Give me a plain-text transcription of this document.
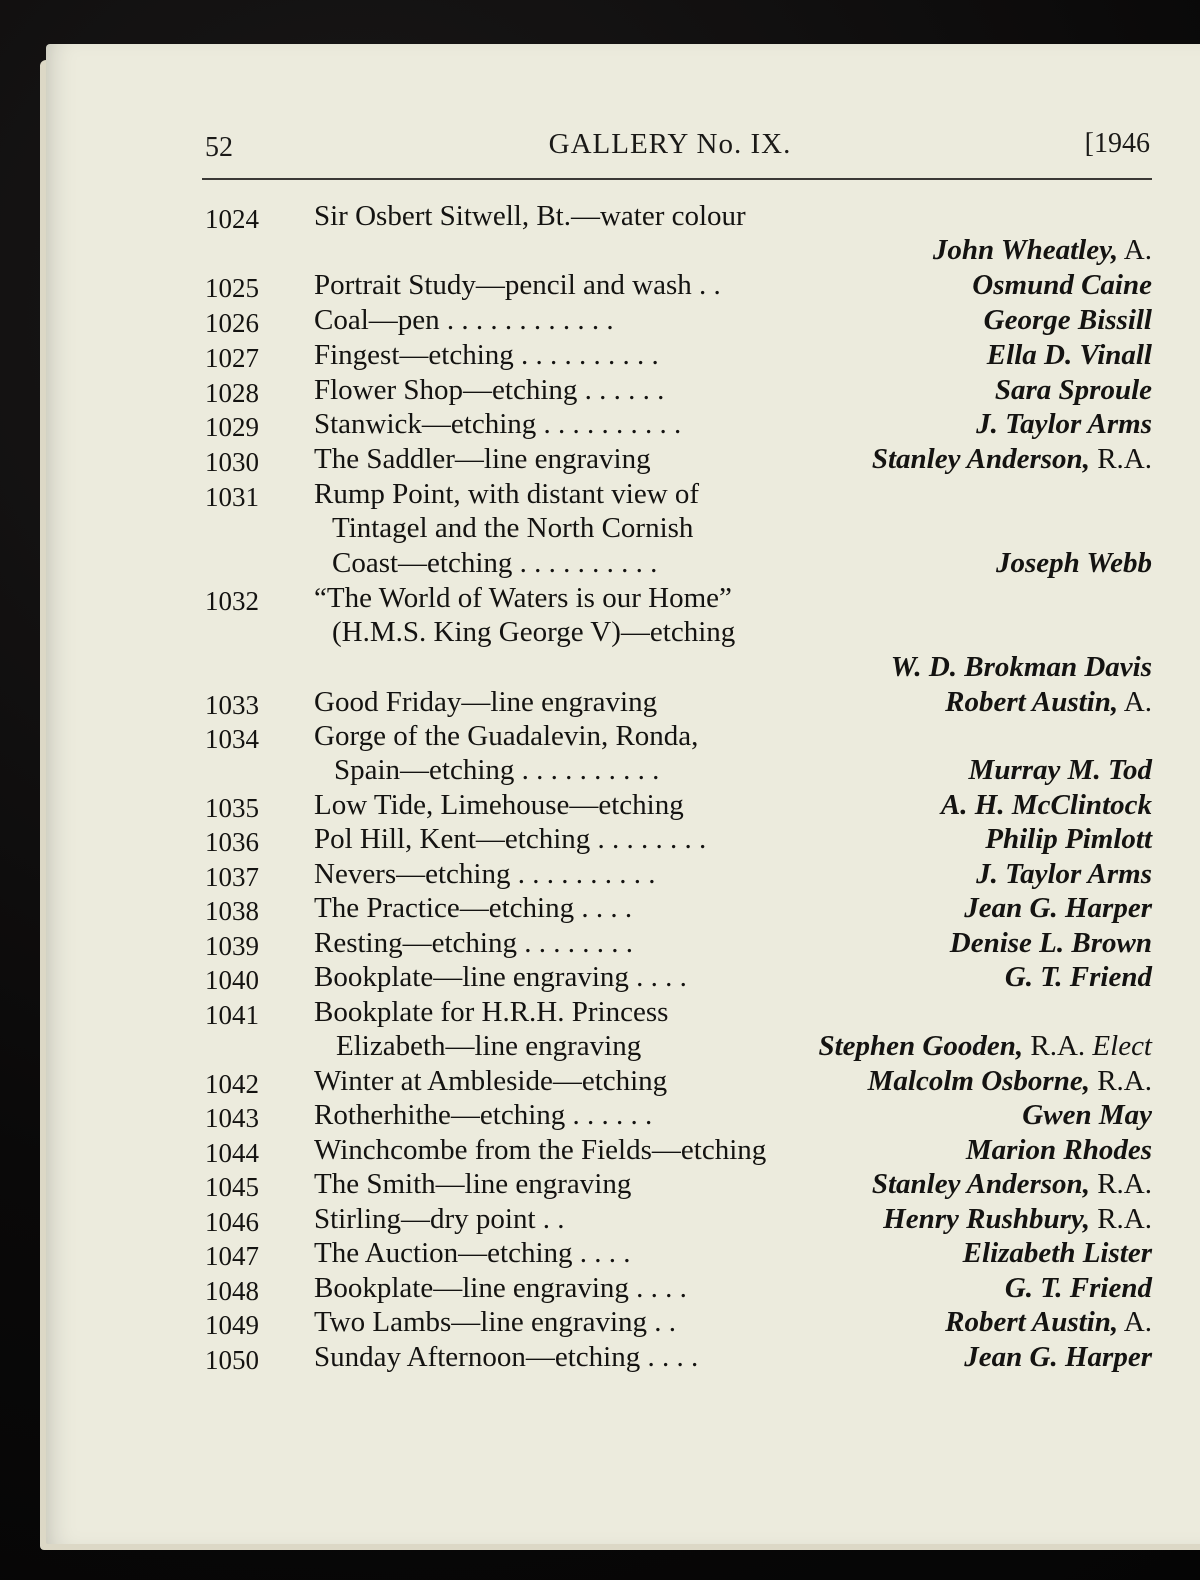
52	GALLERY No. IX.	[1946
1024 Sir Osbert Sitwell, Bt.—water colour
John Wheatley, A.
1025 Portrait Study—pencil and wash . .	Osmund Caine
1026 Coal—pen . . . . . . . . . . . .	George Bissill
1027 Fingest—etching . . . . . . . . . .	Ella D. Vinall
1028 Flower Shop—etching . . . . . .	Sara Sproule
1029 Stanwick—etching . . . . . . . . . .	J. Taylor Arms
1030 The Saddler—line engraving	Stanley Anderson, R.A.
1031 Rump Point, with distant view of
Tintagel and the North Cornish
Coast—etching . . . . . . . . . .	Joseph Webb
1032 “The World of Waters is our Home”
(H.M.S. King George V)—etching
W. D. Brokman Davis
1033 Good Friday—line engraving	Robert Austin, A.
1034 Gorge of the Guadalevin, Ronda,
Spain—etching . . . . . . . . . .	Murray M. Tod
1035 Low Tide, Limehouse—etching	A. H. McClintock
1036 Pol Hill, Kent—etching . . . . . . . .	Philip Pimlott
1037 Nevers—etching . . . . . . . . . .	J. Taylor Arms
1038 The Practice—etching . . . .	Jean G. Harper
1039 Resting—etching . . . . . . . .	Denise L. Brown
1040 Bookplate—line engraving . . . .	G. T. Friend
1041 Bookplate for H.R.H. Princess
Elizabeth—line engraving	Stephen Gooden, R.A. Elect
1042 Winter at Ambleside—etching	Malcolm Osborne, R.A.
1043 Rotherhithe—etching . . . . . .	Gwen May
1044 Winchcombe from the Fields—etching	Marion Rhodes
1045 The Smith—line engraving	Stanley Anderson, R.A.
1046 Stirling—dry point . .	Henry Rushbury, R.A.
1047 The Auction—etching . . . .	Elizabeth Lister
1048 Bookplate—line engraving . . . .	G. T. Friend
1049 Two Lambs—line engraving . .	Robert Austin, A.
1050 Sunday Afternoon—etching . . . .	Jean G. Harper
